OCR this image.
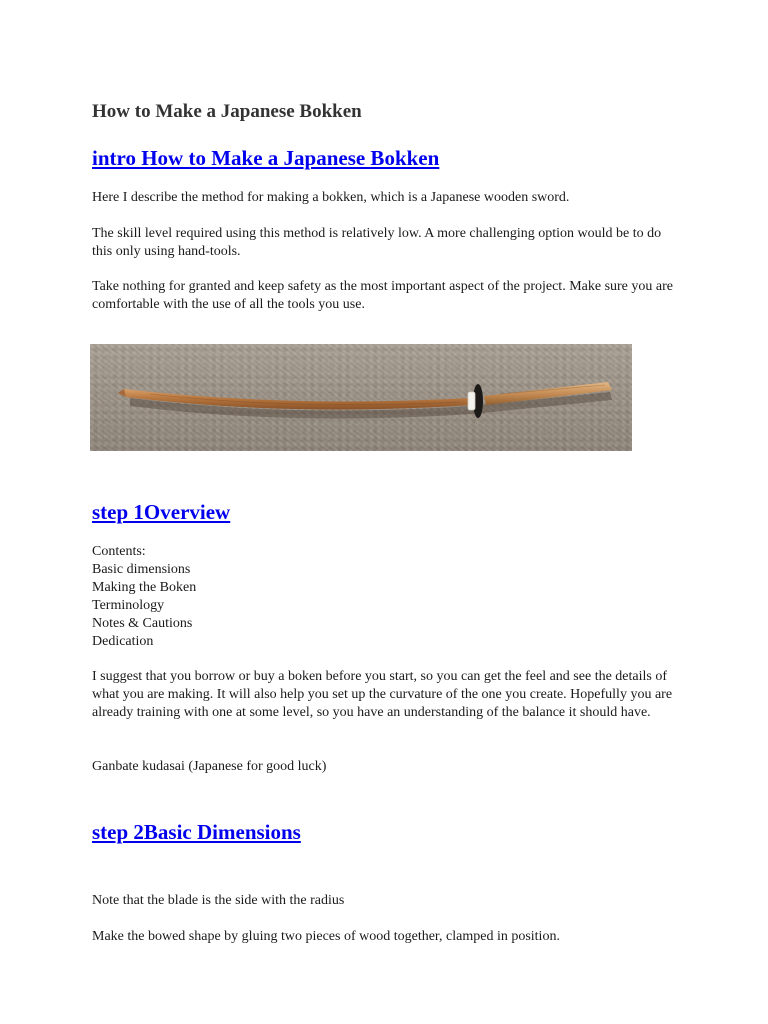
How to Make a Japanese Bokken
intro How to Make a Japanese Bokken

Here I describe the method for making a bokken, which is a Japanese wooden sword.

The skill level required using this method is relatively low. A more challenging option would be to do this only using hand-tools.

Take nothing for granted and keep safety as the most important aspect of the project. Make sure you are comfortable with the use of all the tools you use.

step 1Overview
Contents:
Basic dimensions
Making the Boken
Terminology
Notes & Cautions
Dedication

I suggest that you borrow or buy a boken before you start, so you can get the feel and see the details of what you are making. It will also help you set up the curvature of the one you create. Hopefully you are already training with one at some level, so you have an understanding of the balance it should have.

Ganbate kudasai (Japanese for good luck)

step 2Basic Dimensions

Note that the blade is the side with the radius

Make the bowed shape by gluing two pieces of wood together, clamped in position.
